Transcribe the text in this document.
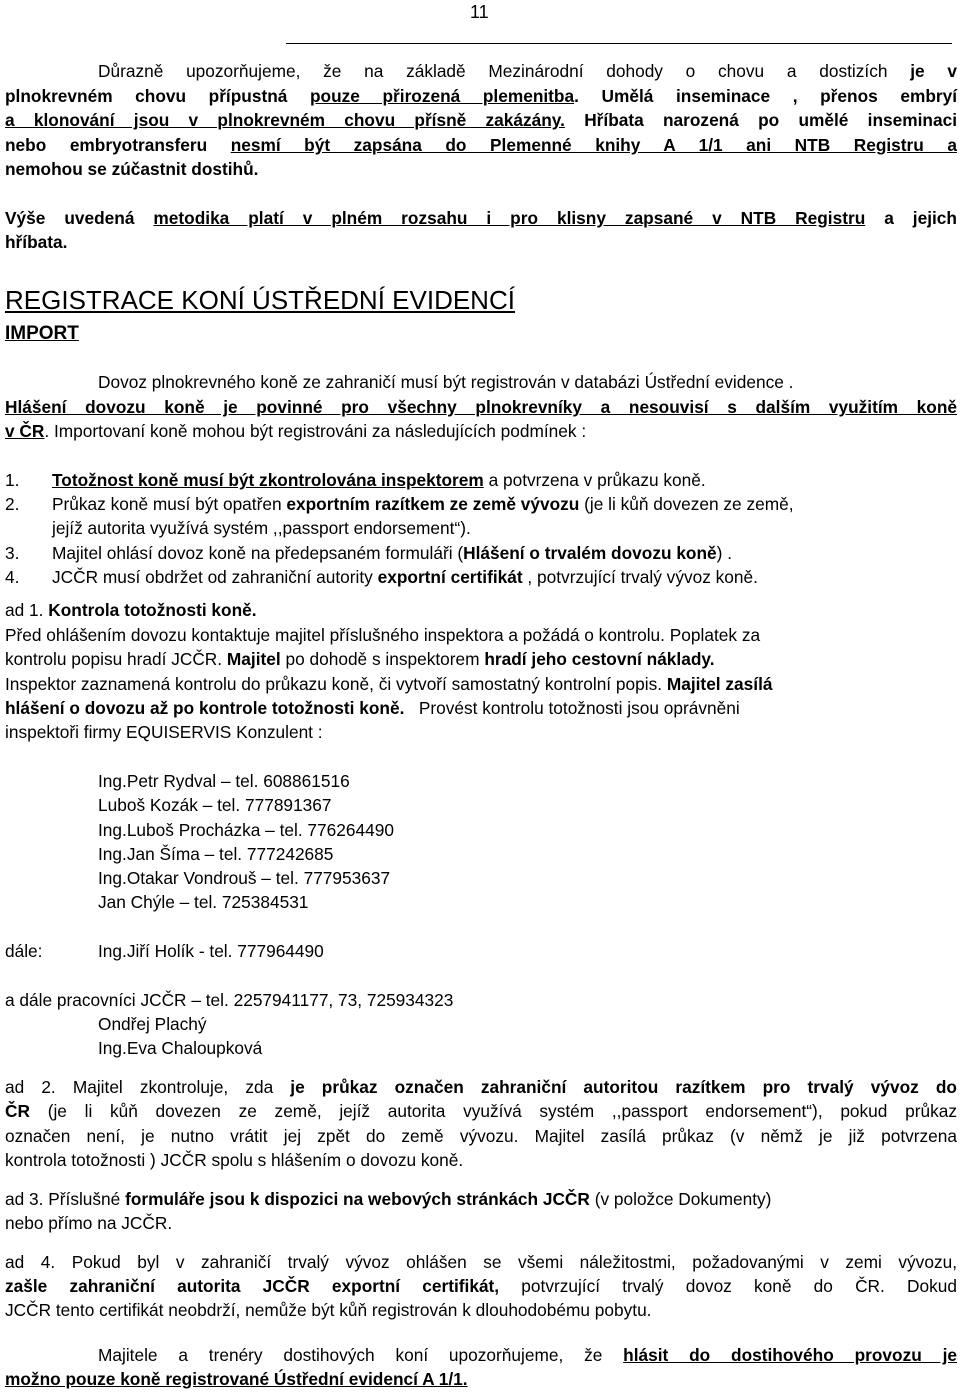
11
Důrazně upozorňujeme, že na základě Mezinárodní dohody o chovu a dostizích je v
plnokrevném chovu přípustná pouze přirozená plemenitba. Umělá inseminace , přenos embryí
a klonování jsou v plnokrevném chovu přísně zakázány. Hříbata narozená po umělé inseminaci
nebo embryotransferu nesmí být zapsána do Plemenné knihy A 1/1 ani NTB Registru a
nemohou se zúčastnit dostihů.
Výše uvedená metodika platí v plném rozsahu i pro klisny zapsané v NTB Registru a jejich
hříbata.
REGISTRACE KONÍ ÚSTŘEDNÍ EVIDENCÍ
IMPORT
Dovoz plnokrevného koně ze zahraničí musí být registrován v databázi Ústřední evidence .
Hlášení dovozu koně je povinné pro všechny plnokrevníky a nesouvisí s dalším využitím koně
v ČR. Importovaní koně mohou být registrováni za následujících podmínek :
1. Totožnost koně musí být zkontrolována inspektorem a potvrzena v průkazu koně.
2. Průkaz koně musí být opatřen exportním razítkem ze země vývozu (je li kůň dovezen ze země,
jejíž autorita využívá systém ,,passport endorsement“).
3. Majitel ohlásí dovoz koně na předepsaném formuláři (Hlášení o trvalém dovozu koně) .
4. JCČR musí obdržet od zahraniční autority exportní certifikát , potvrzující trvalý vývoz koně.
ad 1. Kontrola totožnosti koně.
Před ohlášením dovozu kontaktuje majitel příslušného inspektora a požádá o kontrolu. Poplatek za
kontrolu popisu hradí JCČR. Majitel po dohodě s inspektorem hradí jeho cestovní náklady.
Inspektor zaznamená kontrolu do průkazu koně, či vytvoří samostatný kontrolní popis. Majitel zasílá
hlášení o dovozu až po kontrole totožnosti koně. Provést kontrolu totožnosti jsou oprávněni
inspektoři firmy EQUISERVIS Konzulent :
Ing.Petr Rydval – tel. 608861516
Luboš Kozák – tel. 777891367
Ing.Luboš Procházka – tel. 776264490
Ing.Jan Šíma – tel. 777242685
Ing.Otakar Vondrouš – tel. 777953637
Jan Chýle – tel. 725384531
dále:	Ing.Jiří Holík - tel. 777964490
a dále pracovníci JCČR – tel. 2257941177, 73, 725934323
Ondřej Plachý
Ing.Eva Chaloupková
ad 2. Majitel zkontroluje, zda je průkaz označen zahraniční autoritou razítkem pro trvalý vývoz do
ČR (je li kůň dovezen ze země, jejíž autorita využívá systém ,,passport endorsement“), pokud průkaz
označen není, je nutno vrátit jej zpět do země vývozu. Majitel zasílá průkaz (v němž je již potvrzena
kontrola totožnosti ) JCČR spolu s hlášením o dovozu koně.
ad 3. Příslušné formuláře jsou k dispozici na webových stránkách JCČR (v položce Dokumenty)
nebo přímo na JCČR.
ad 4. Pokud byl v zahraničí trvalý vývoz ohlášen se všemi náležitostmi, požadovanými v zemi vývozu,
zašle zahraniční autorita JCČR exportní certifikát, potvrzující trvalý dovoz koně do ČR. Dokud
JCČR tento certifikát neobdrží, nemůže být kůň registrován k dlouhodobému pobytu.
Majitele a trenéry dostihových koní upozorňujeme, že hlásit do dostihového provozu je
možno pouze koně registrované Ústřední evidencí A 1/1.
